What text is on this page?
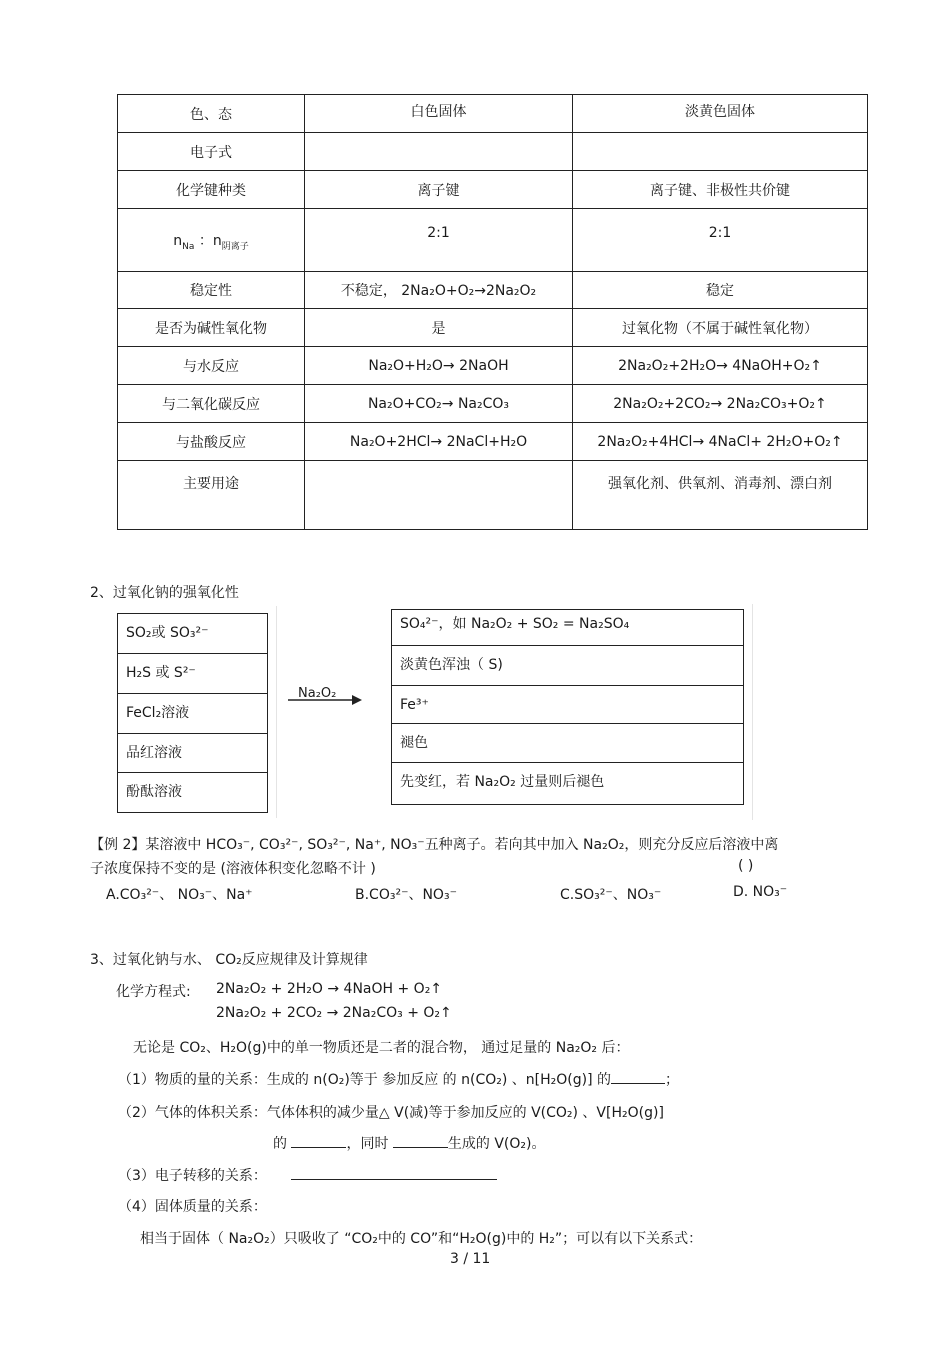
色、态	白色固体	淡黄色固体
电子式		
化学键种类	离子键	离子键、非极性共价键
$n_{Na}$ ：$n_{阴离子}$	2:1	2:1
稳定性	不稳定， 2Na₂O+O₂→2Na₂O₂	稳定
是否为碱性氧化物	是	过氧化物（不属于碱性氧化物）
与水反应	Na₂O+H₂O→ 2NaOH	2Na₂O₂+2H₂O→ 4NaOH+O₂↑
与二氧化碳反应	Na₂O+CO₂→ Na₂CO₃	2Na₂O₂+2CO₂→ 2Na₂CO₃+O₂↑
与盐酸反应	Na₂O+2HCl→ 2NaCl+H₂O	2Na₂O₂+4HCl→ 4NaCl+ 2H₂O+O₂↑
主要用途		强氧化剂、供氧剂、消毒剂、漂白剂
2、过氧化钠的强氧化性
SO₂或 SO₃²⁻
H₂S 或 S²⁻
FeCl₂溶液
品红溶液
酚酞溶液
Na₂O₂
SO₄²⁻，如 Na₂O₂ + SO₂ = Na₂SO₄
淡黄色浑浊（ S)
Fe³⁺
褪色
先变红，若 Na₂O₂ 过量则后褪色
【例 2】某溶液中 HCO₃⁻, CO₃²⁻, SO₃²⁻, Na⁺, NO₃⁻五种离子。若向其中加入 Na₂O₂，则充分反应后溶液中离
子浓度保持不变的是 (溶液体积变化忽略不计 )	( )
A.CO₃²⁻、 NO₃⁻、Na⁺	B.CO₃²⁻、NO₃⁻	C.SO₃²⁻、NO₃⁻	D. NO₃⁻
3、过氧化钠与水、 CO₂反应规律及计算规律
化学方程式: 2Na₂O₂ + 2H₂O → 4NaOH + O₂↑
2Na₂O₂ + 2CO₂ → 2Na₂CO₃ + O₂↑
无论是 CO₂、H₂O(g)中的单一物质还是二者的混合物， 通过足量的 Na₂O₂ 后：
（1）物质的量的关系：生成的 n(O₂)等于 参加反应 的 n(CO₂) 、n[H₂O(g)] 的	；
（2）气体的体积关系：气体体积的减少量△ V(减)等于参加反应的 V(CO₂) 、V[H₂O(g)]
的	，同时	生成的 V(O₂)。
（3）电子转移的关系：
（4）固体质量的关系：
相当于固体（ Na₂O₂）只吸收了 “CO₂中的 CO”和“H₂O(g)中的 H₂”；可以有以下关系式：
3 / 11
